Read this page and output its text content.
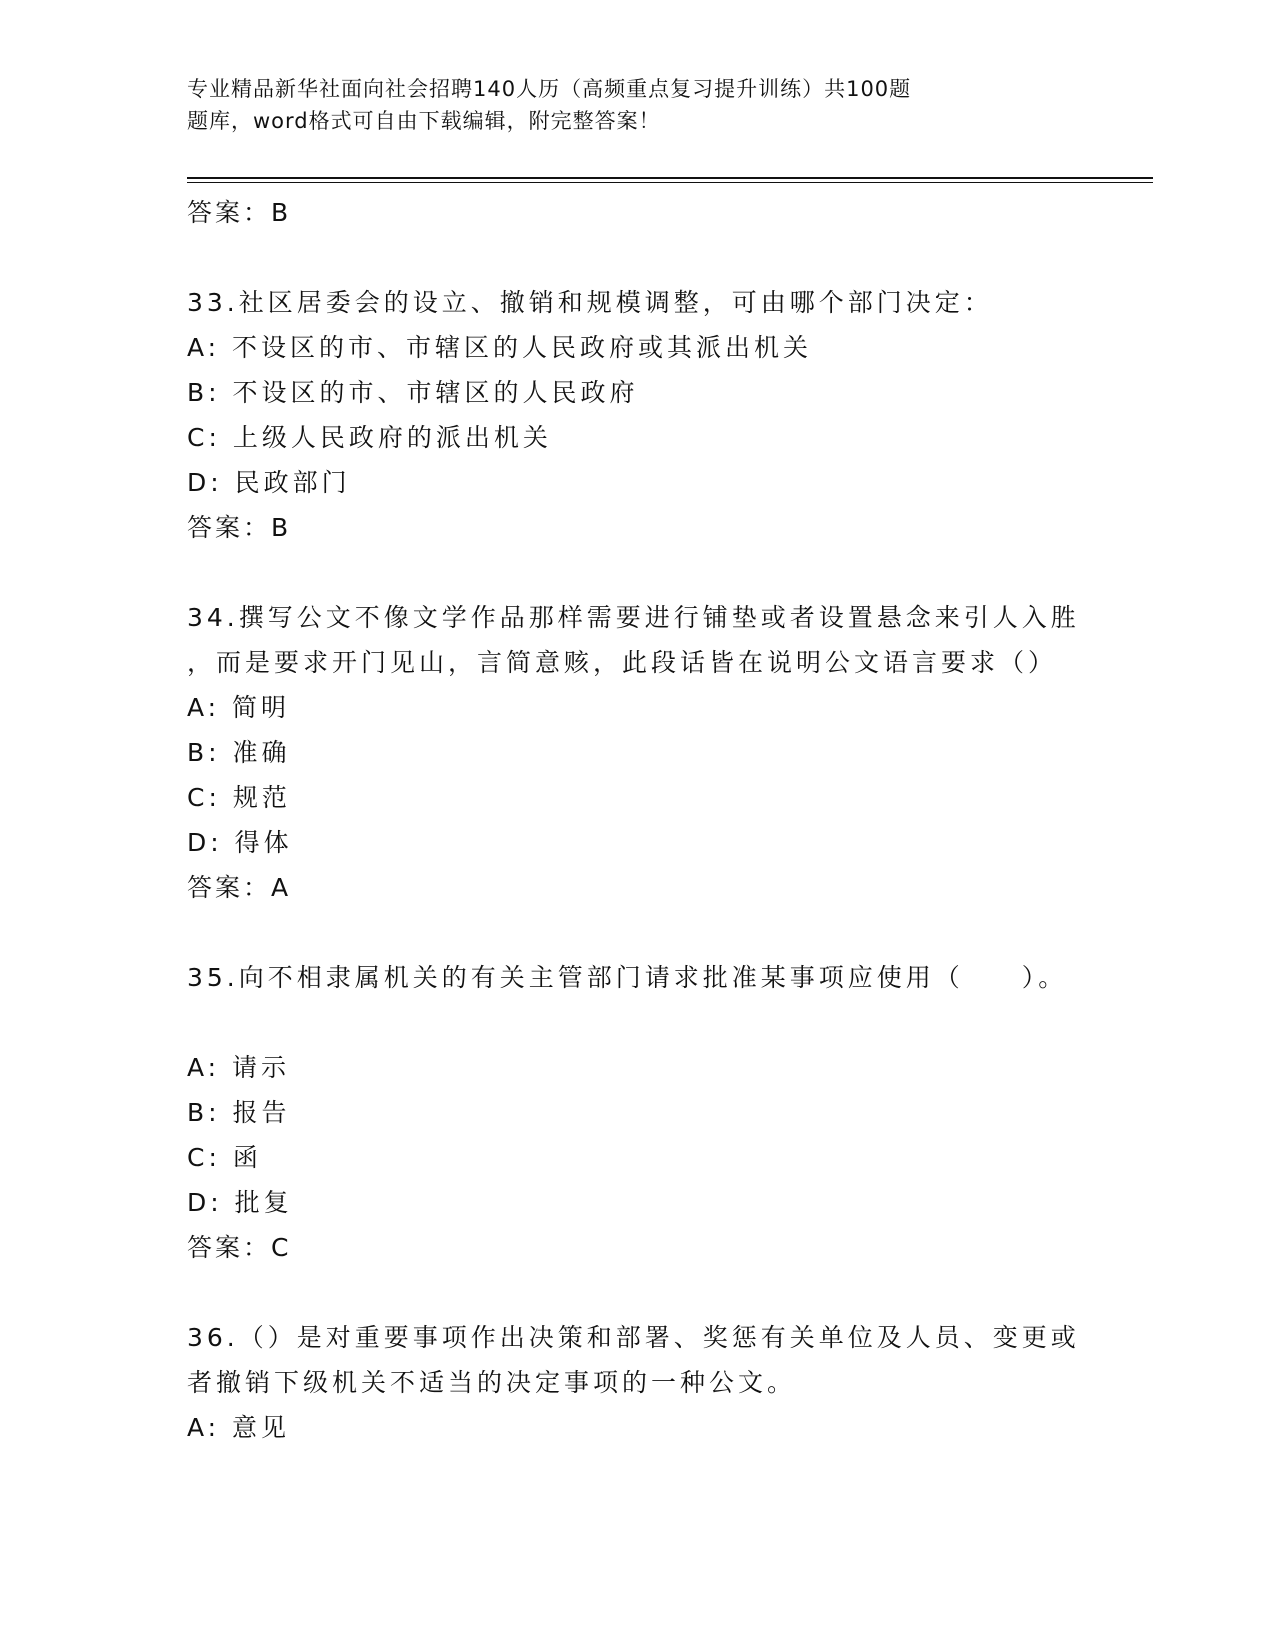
专业精品新华社面向社会招聘140人历（高频重点复习提升训练）共100题
题库，word格式可自由下载编辑，附完整答案！
答案：B
33.社区居委会的设立、撤销和规模调整，可由哪个部门决定：
A: 不设区的市、市辖区的人民政府或其派出机关
B: 不设区的市、市辖区的人民政府
C: 上级人民政府的派出机关
D: 民政部门
答案：B
34.撰写公文不像文学作品那样需要进行铺垫或者设置悬念来引人入胜
，而是要求开门见山，言简意赅，此段话皆在说明公文语言要求（）
A: 简明
B: 准确
C: 规范
D: 得体
答案：A
35.向不相隶属机关的有关主管部门请求批准某事项应使用（　　）。
A: 请示
B: 报告
C: 函
D: 批复
答案：C
36.（）是对重要事项作出决策和部署、奖惩有关单位及人员、变更或
者撤销下级机关不适当的决定事项的一种公文。
A: 意见
